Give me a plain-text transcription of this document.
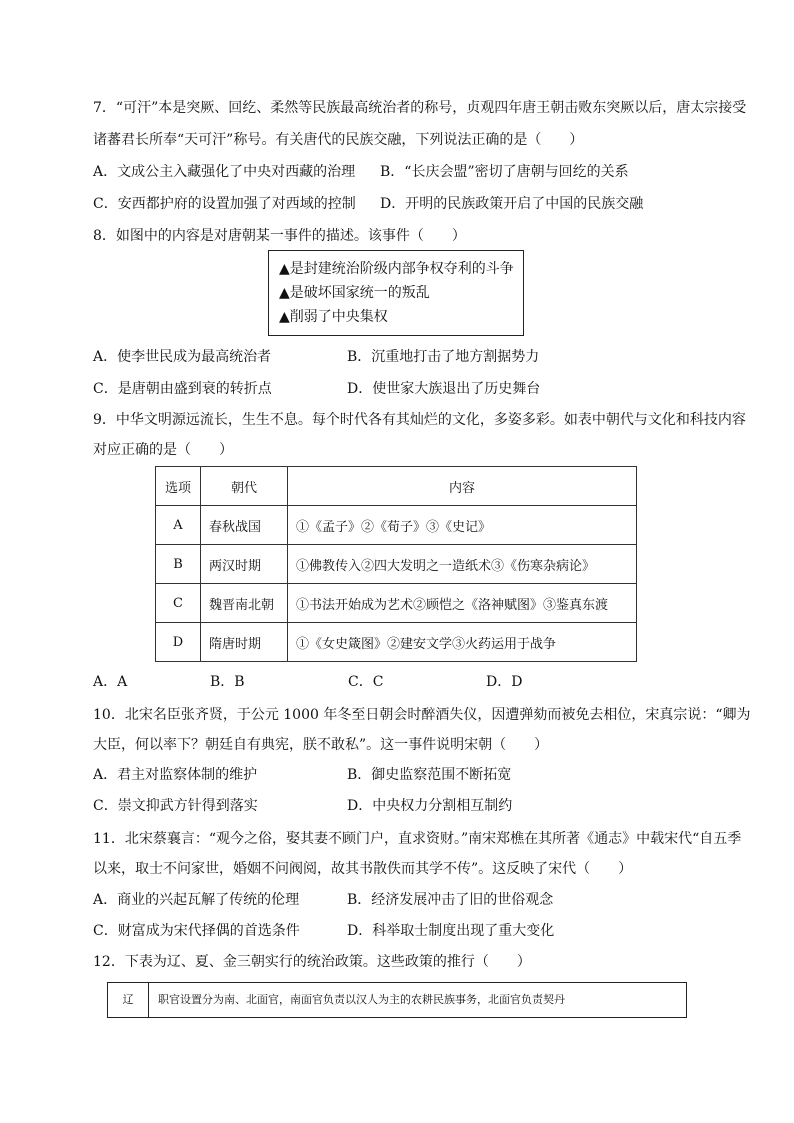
7．“可汗”本是突厥、回纥、柔然等民族最高统治者的称号，贞观四年唐王朝击败东突厥以后，唐太宗接受
诸蕃君长所奉“天可汗”称号。有关唐代的民族交融，下列说法正确的是（　　）
A．文成公主入藏强化了中央对西藏的治理 B．“长庆会盟”密切了唐朝与回纥的关系
C．安西都护府的设置加强了对西域的控制 D．开明的民族政策开启了中国的民族交融
8．如图中的内容是对唐朝某一事件的描述。该事件（　　）
▲是封建统治阶级内部争权夺利的斗争
▲是破坏国家统一的叛乱
▲削弱了中央集权
A．使李世民成为最高统治者	B．沉重地打击了地方割据势力
C．是唐朝由盛到衰的转折点	D．使世家大族退出了历史舞台
9．中华文明源远流长，生生不息。每个时代各有其灿烂的文化，多姿多彩。如表中朝代与文化和科技内容
对应正确的是（　　）
选项	朝代	内容
A	春秋战国	①《孟子》②《荀子》③《史记》
B	两汉时期	①佛教传入②四大发明之一造纸术③《伤寒杂病论》
C	魏晋南北朝	①书法开始成为艺术②顾恺之《洛神赋图》③鉴真东渡
D	隋唐时期	①《女史箴图》②建安文学③火药运用于战争
A．A	B．B	C．C	D．D
10．北宋名臣张齐贤，于公元 1000 年冬至日朝会时醉酒失仪，因遭弹劾而被免去相位，宋真宗说：“卿为
大臣，何以率下？朝廷自有典宪，朕不敢私”。这一事件说明宋朝（　　）
A．君主对监察体制的维护	B．御史监察范围不断拓宽
C．崇文抑武方针得到落实	D．中央权力分割相互制约
11．北宋蔡襄言：“观今之俗，娶其妻不顾门户，直求资财。”南宋郑樵在其所著《通志》中载宋代“自五季
以来，取士不问家世，婚姻不问阀阅，故其书散佚而其学不传”。这反映了宋代（　　）
A．商业的兴起瓦解了传统的伦理	B．经济发展冲击了旧的世俗观念
C．财富成为宋代择偶的首选条件	D．科举取士制度出现了重大变化
12．下表为辽、夏、金三朝实行的统治政策。这些政策的推行（　　）
辽	职官设置分为南、北面官，南面官负责以汉人为主的农耕民族事务，北面官负责契丹
